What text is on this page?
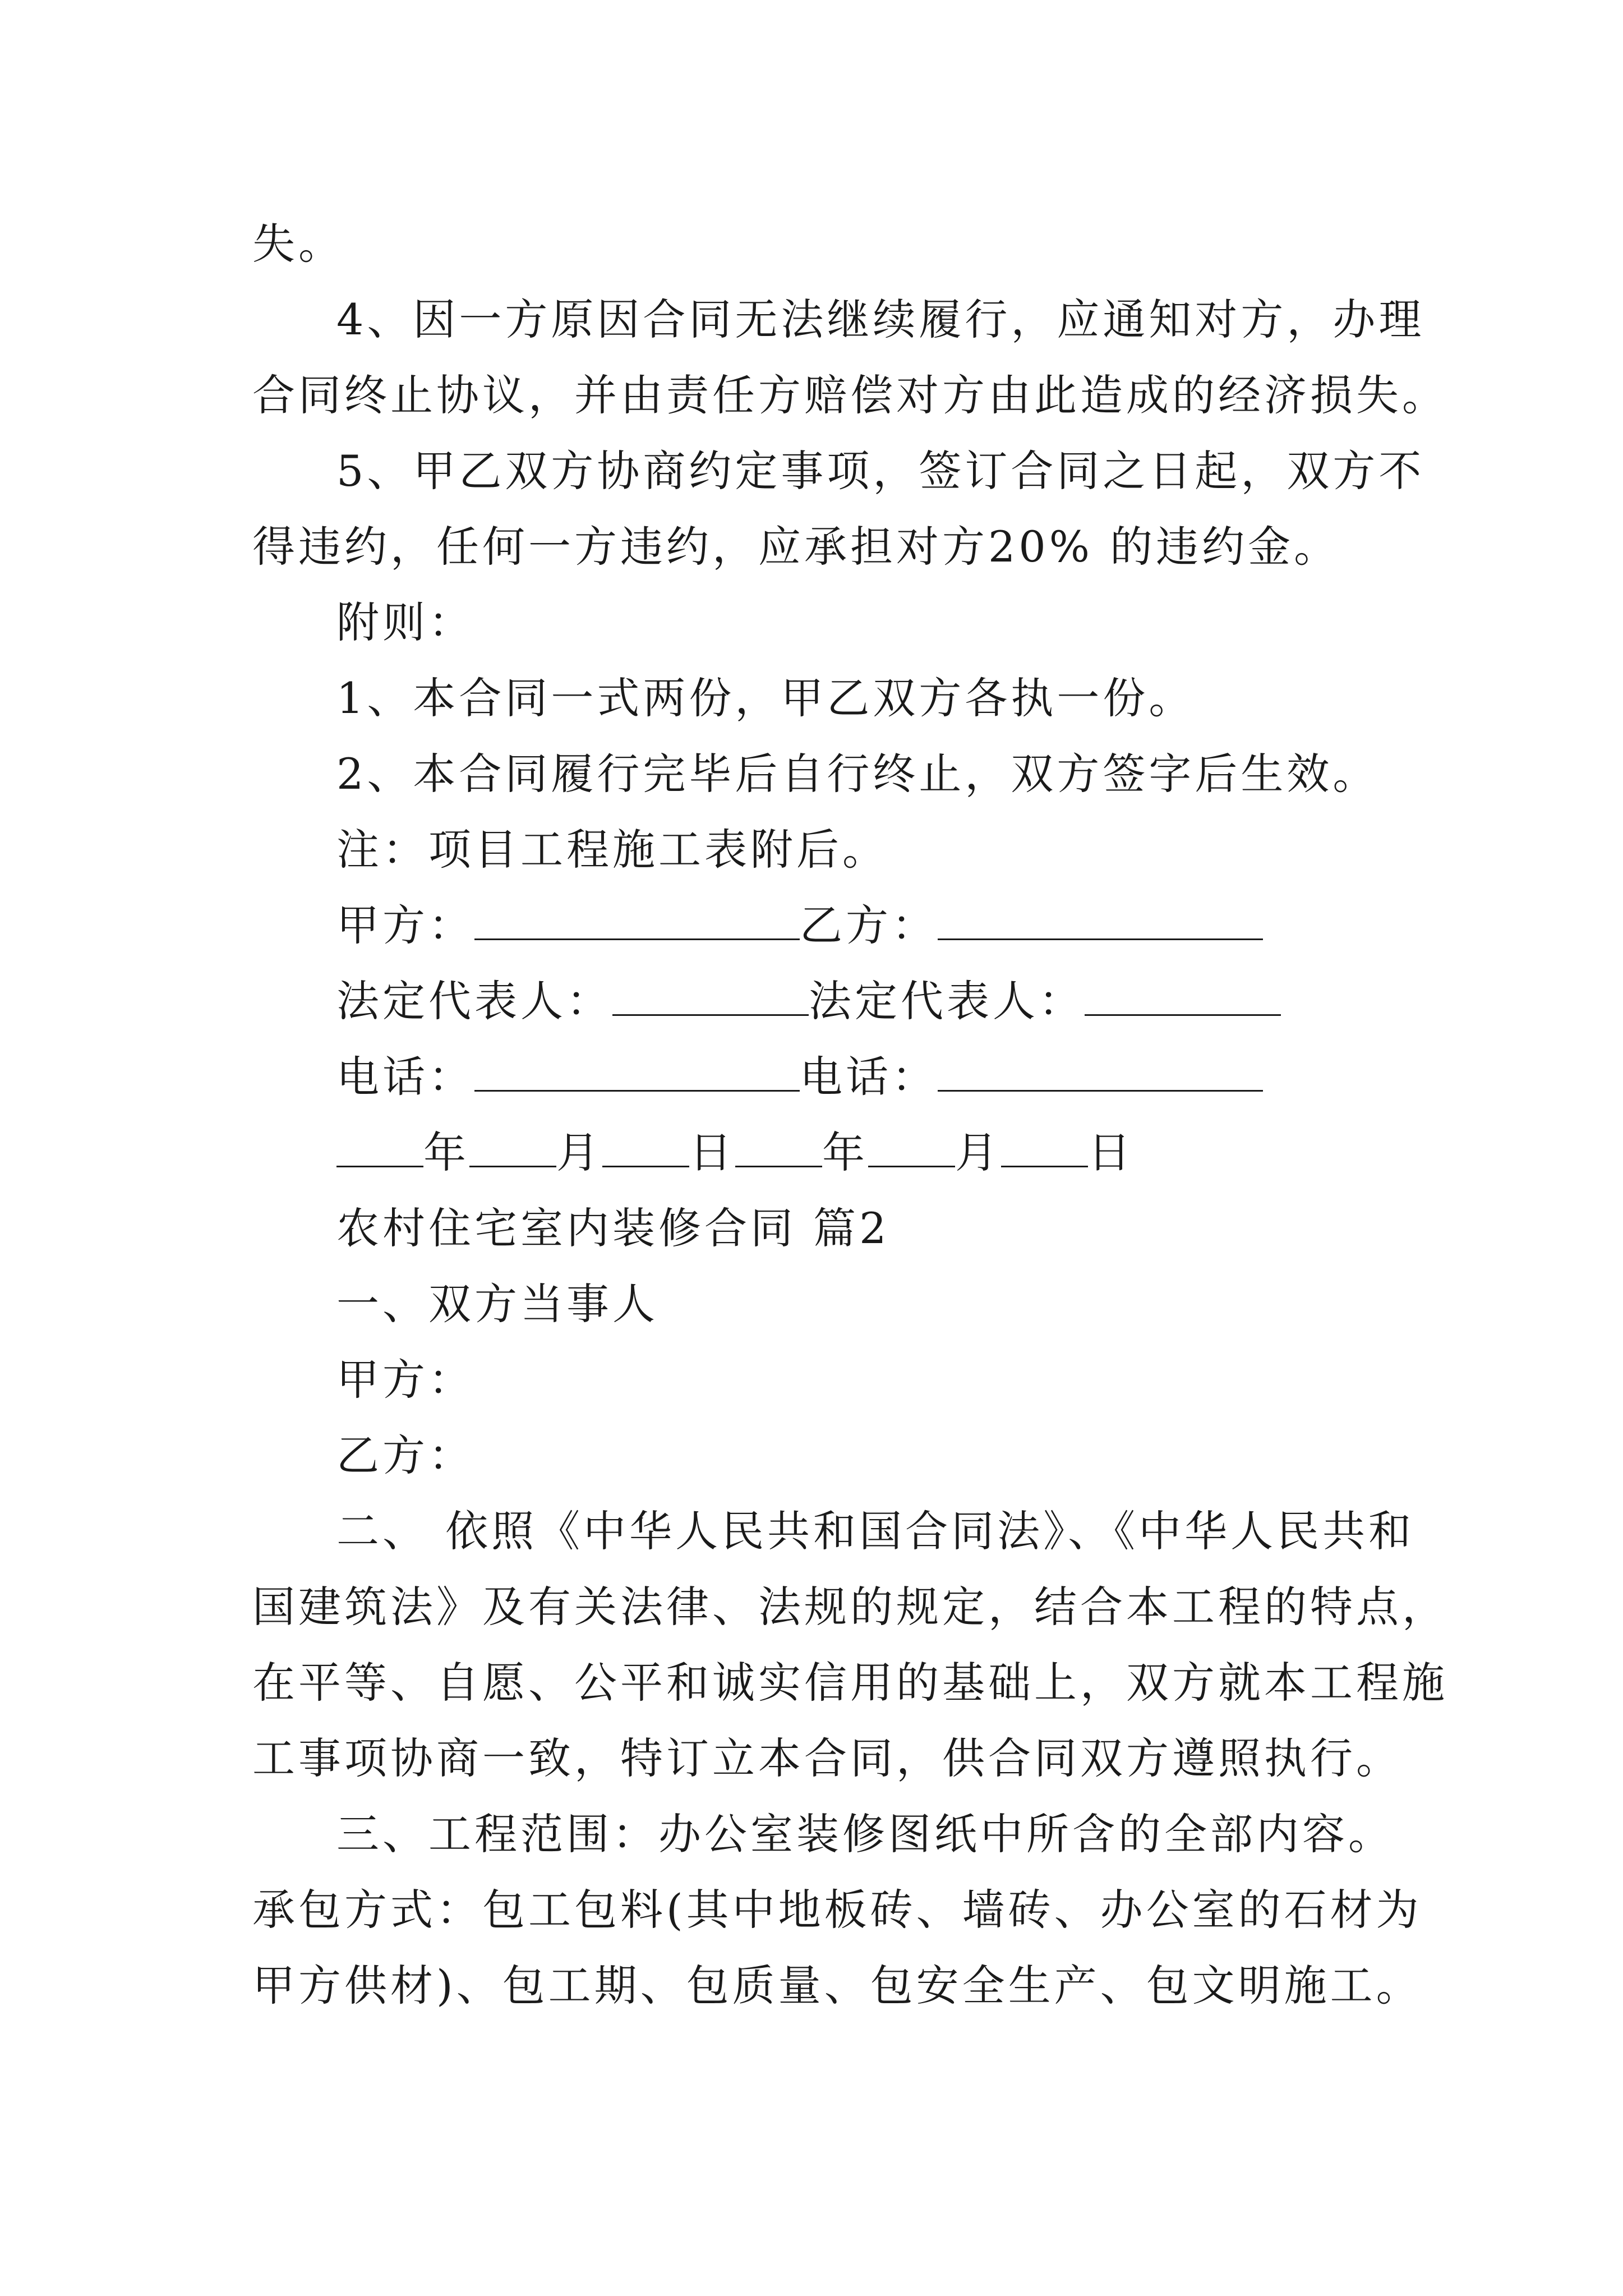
失。
4、因一方原因合同无法继续履行，应通知对方，办理
合同终止协议，并由责任方赔偿对方由此造成的经济损失。
5、甲乙双方协商约定事项，签订合同之日起，双方不
得违约，任何一方违约，应承担对方20% 的违约金。
附则：
1、本合同一式两份，甲乙双方各执一份。
2、本合同履行完毕后自行终止，双方签字后生效。
注：项目工程施工表附后。
甲方：	乙方：
法定代表人：	法定代表人：
电话：	电话：
年 月 日 年 月 日
农村住宅室内装修合同 篇2
一、双方当事人
甲方：
乙方：
二、 依照《中华人民共和国合同法》、《中华人民共和
国建筑法》及有关法律、法规的规定，结合本工程的特点，
在平等、自愿、公平和诚实信用的基础上，双方就本工程施
工事项协商一致，特订立本合同，供合同双方遵照执行。
三、工程范围：办公室装修图纸中所含的全部内容。
承包方式：包工包料(其中地板砖、墙砖、办公室的石材为
甲方供材)、包工期、包质量、包安全生产、包文明施工。
